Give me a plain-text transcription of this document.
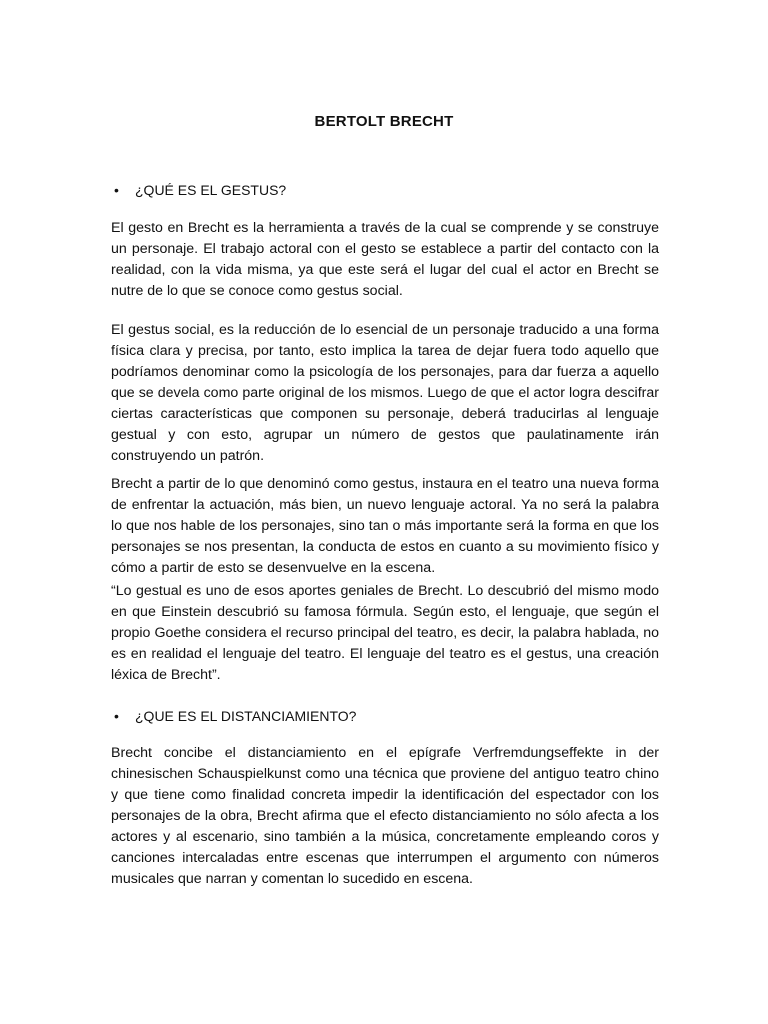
BERTOLT BRECHT
• ¿QUÉ ES EL GESTUS?

El gesto en Brecht es la herramienta a través de la cual se comprende y se construye un personaje. El trabajo actoral con el gesto se establece a partir del contacto con la realidad, con la vida misma, ya que este será el lugar del cual el actor en Brecht se nutre de lo que se conoce como gestus social.

El gestus social, es la reducción de lo esencial de un personaje traducido a una forma física clara y precisa, por tanto, esto implica la tarea de dejar fuera todo aquello que podríamos denominar como la psicología de los personajes, para dar fuerza a aquello que se devela como parte original de los mismos. Luego de que el actor logra descifrar ciertas características que componen su personaje, deberá traducirlas al lenguaje gestual y con esto, agrupar un número de gestos que paulatinamente irán construyendo un patrón.

Brecht a partir de lo que denominó como gestus, instaura en el teatro una nueva forma de enfrentar la actuación, más bien, un nuevo lenguaje actoral. Ya no será la palabra lo que nos hable de los personajes, sino tan o más importante será la forma en que los personajes se nos presentan, la conducta de estos en cuanto a su movimiento físico y cómo a partir de esto se desenvuelve en la escena.

“Lo gestual es uno de esos aportes geniales de Brecht. Lo descubrió del mismo modo en que Einstein descubrió su famosa fórmula. Según esto, el lenguaje, que según el propio Goethe considera el recurso principal del teatro, es decir, la palabra hablada, no es en realidad el lenguaje del teatro. El lenguaje del teatro es el gestus, una creación léxica de Brecht”.

• ¿QUE ES EL DISTANCIAMIENTO?

Brecht concibe el distanciamiento en el epígrafe Verfremdungseffekte in der chinesischen Schauspielkunst como una técnica que proviene del antiguo teatro chino y que tiene como finalidad concreta impedir la identificación del espectador con los personajes de la obra, Brecht afirma que el efecto distanciamiento no sólo afecta a los actores y al escenario, sino también a la música, concretamente empleando coros y canciones intercaladas entre escenas que interrumpen el argumento con números musicales que narran y comentan lo sucedido en escena.
